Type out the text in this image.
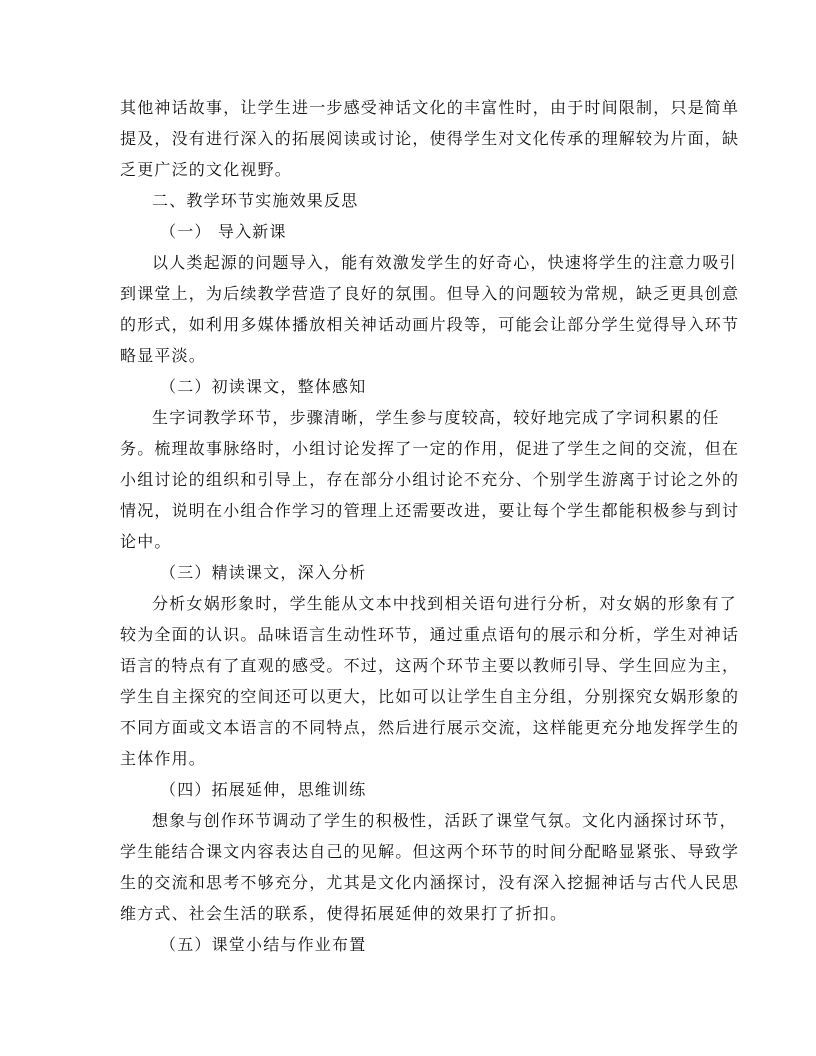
其他神话故事，让学生进一步感受神话文化的丰富性时，由于时间限制，只是简单
提及，没有进行深入的拓展阅读或讨论，使得学生对文化传承的理解较为片面，缺
乏更广泛的文化视野。
二、教学环节实施效果反思
（一） 导入新课
以人类起源的问题导入，能有效激发学生的好奇心，快速将学生的注意力吸引
到课堂上，为后续教学营造了良好的氛围。但导入的问题较为常规，缺乏更具创意
的形式，如利用多媒体播放相关神话动画片段等，可能会让部分学生觉得导入环节
略显平淡。
（二）初读课文，整体感知
生字词教学环节，步骤清晰，学生参与度较高，较好地完成了字词积累的任
务。梳理故事脉络时，小组讨论发挥了一定的作用，促进了学生之间的交流，但在
小组讨论的组织和引导上，存在部分小组讨论不充分、个别学生游离于讨论之外的
情况，说明在小组合作学习的管理上还需要改进，要让每个学生都能积极参与到讨
论中。
（三）精读课文，深入分析
分析女娲形象时，学生能从文本中找到相关语句进行分析，对女娲的形象有了
较为全面的认识。品味语言生动性环节，通过重点语句的展示和分析，学生对神话
语言的特点有了直观的感受。不过，这两个环节主要以教师引导、学生回应为主，
学生自主探究的空间还可以更大，比如可以让学生自主分组，分别探究女娲形象的
不同方面或文本语言的不同特点，然后进行展示交流，这样能更充分地发挥学生的
主体作用。
（四）拓展延伸，思维训练
想象与创作环节调动了学生的积极性，活跃了课堂气氛。文化内涵探讨环节，
学生能结合课文内容表达自己的见解。但这两个环节的时间分配略显紧张、导致学
生的交流和思考不够充分，尤其是文化内涵探讨，没有深入挖掘神话与古代人民思
维方式、社会生活的联系，使得拓展延伸的效果打了折扣。
（五）课堂小结与作业布置
